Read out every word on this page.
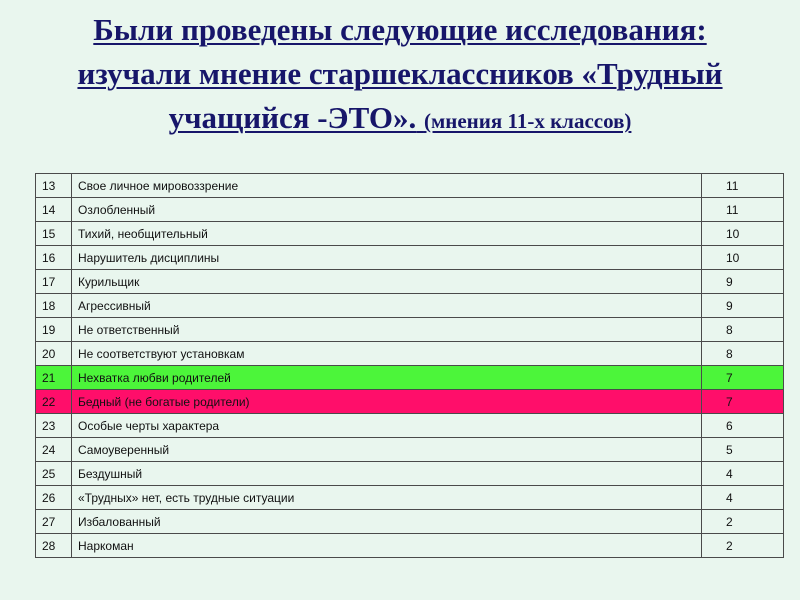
Были проведены следующие исследования:
изучали мнение старшеклассников «Трудный
учащийся -ЭТО». (мнения 11-х классов)
13	Свое личное мировоззрение	11
14	Озлобленный	11
15	Тихий, необщительный	10
16	Нарушитель дисциплины	10
17	Курильщик	9
18	Агрессивный	9
19	Не ответственный	8
20	Не соответствуют установкам	8
21	Нехватка любви родителей	7
22	Бедный (не богатые родители)	7
23	Особые черты характера	6
24	Самоуверенный	5
25	Бездушный	4
26	«Трудных» нет, есть трудные ситуации	4
27	Избалованный	2
28	Наркоман	2
